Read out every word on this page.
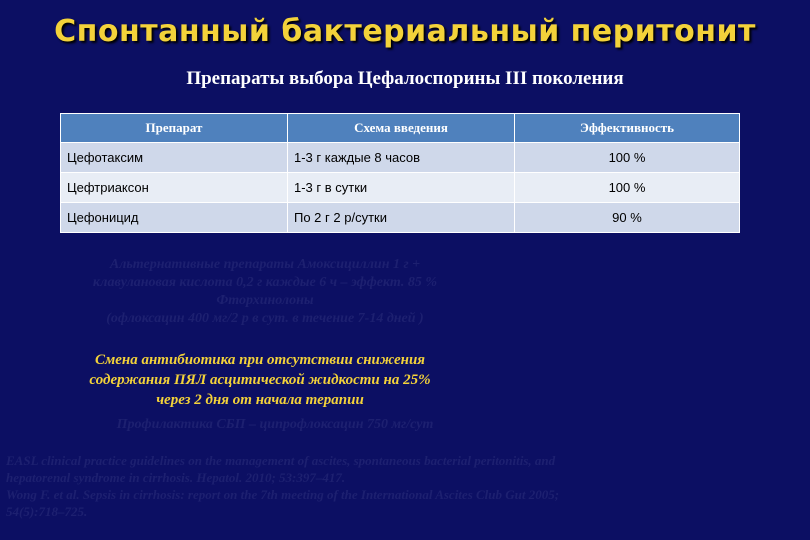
Спонтанный бактериальный перитонит
Препараты выбора Цефалоспорины III поколения
Препарат	Схема введения	Эффективность
Цефотаксим	1-3 г каждые 8 часов	100 %
Цефтриаксон	1-3 г в сутки	100 %
Цефоницид	По 2 г 2 р/сутки	90 %
Альтернативные препараты Амоксициллин 1 г +
клавулановая кислота 0,2 г каждые 6 ч – эффект. 85 %
Фторхинолоны
(офлоксацин 400 мг/2 р в сут. в течение 7-14 дней )
Смена антибиотика при отсутствии снижения
содержания ПЯЛ асцитической жидкости на 25%
через 2 дня от начала терапии
Профилактика СБП – ципрофлоксацин 750 мг/сут
EASL clinical practice guidelines on the management of ascites, spontaneous bacterial peritonitis, and
hepatorenal syndrome in cirrhosis. Hepatol. 2010; 53:397–417.
Wong F. et al. Sepsis in cirrhosis: report on the 7th meeting of the International Ascites Club Gut 2005;
54(5):718–725.
